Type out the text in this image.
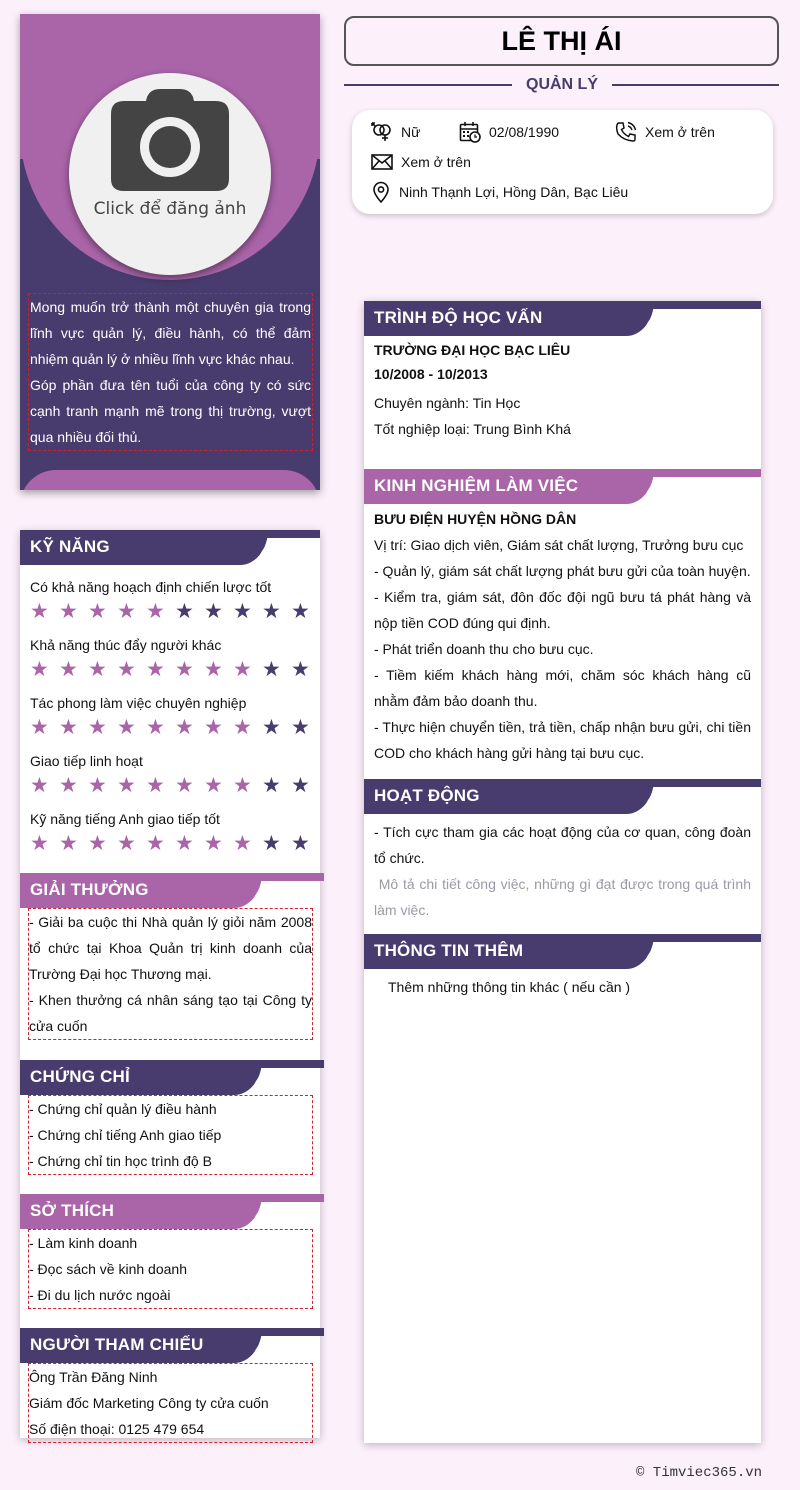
Click để đăng ảnh
Mong muốn trở thành một chuyên gia trong lĩnh vực quản lý, điều hành, có thể đảm nhiệm quản lý ở nhiều lĩnh vực khác nhau.
Góp phần đưa tên tuổi của công ty có sức cạnh tranh mạnh mẽ trong thị trường, vượt qua nhiều đối thủ.
KỸ NĂNG
Có khả năng hoạch định chiến lược tốt
★ ★ ★ ★ ★ ★ ★ ★ ★ ★
Khả năng thúc đẩy người khác
★ ★ ★ ★ ★ ★ ★ ★ ★ ★
Tác phong làm việc chuyên nghiệp
★ ★ ★ ★ ★ ★ ★ ★ ★ ★
Giao tiếp linh hoạt
★ ★ ★ ★ ★ ★ ★ ★ ★ ★
Kỹ năng tiếng Anh giao tiếp tốt
★ ★ ★ ★ ★ ★ ★ ★ ★ ★
GIẢI THƯỞNG
- Giải ba cuộc thi Nhà quản lý giỏi năm 2008 tổ chức tại Khoa Quản trị kinh doanh của Trường Đại học Thương mại.
- Khen thưởng cá nhân sáng tạo tại Công ty cửa cuốn
CHỨNG CHỈ
- Chứng chỉ quản lý điều hành
- Chứng chỉ tiếng Anh giao tiếp
- Chứng chỉ tin học trình độ B
SỞ THÍCH
- Làm kinh doanh
- Đọc sách về kinh doanh
- Đi du lịch nước ngoài
NGƯỜI THAM CHIẾU
Ông Trần Đăng Ninh
Giám đốc Marketing Công ty cửa cuốn
Số điện thoại: 0125 479 654
LÊ THỊ ÁI
QUẢN LÝ
Nữ	02/08/1990	Xem ở trên
Xem ở trên
Ninh Thạnh Lợi, Hồng Dân, Bạc Liêu
TRÌNH ĐỘ HỌC VẤN
TRƯỜNG ĐẠI HỌC BẠC LIÊU
10/2008 - 10/2013
Chuyên ngành: Tin Học
Tốt nghiệp loại: Trung Bình Khá
KINH NGHIỆM LÀM VIỆC
BƯU ĐIỆN HUYỆN HỒNG DÂN
Vị trí: Giao dịch viên, Giám sát chất lượng, Trưởng bưu cục
- Quản lý, giám sát chất lượng phát bưu gửi của toàn huyện.
- Kiểm tra, giám sát, đôn đốc đội ngũ bưu tá phát hàng và nộp tiền COD đúng qui định.
- Phát triển doanh thu cho bưu cục.
- Tiềm kiếm khách hàng mới, chăm sóc khách hàng cũ nhằm đảm bảo doanh thu.
- Thực hiện chuyển tiền, trả tiền, chấp nhận bưu gửi, chi tiền COD cho khách hàng gửi hàng tại bưu cục.
HOẠT ĐỘNG
- Tích cực tham gia các hoạt động của cơ quan, công đoàn tổ chức.
Mô tả chi tiết công việc, những gì đạt được trong quá trình làm việc.
THÔNG TIN THÊM
Thêm những thông tin khác ( nếu cần )
© Timviec365.vn
